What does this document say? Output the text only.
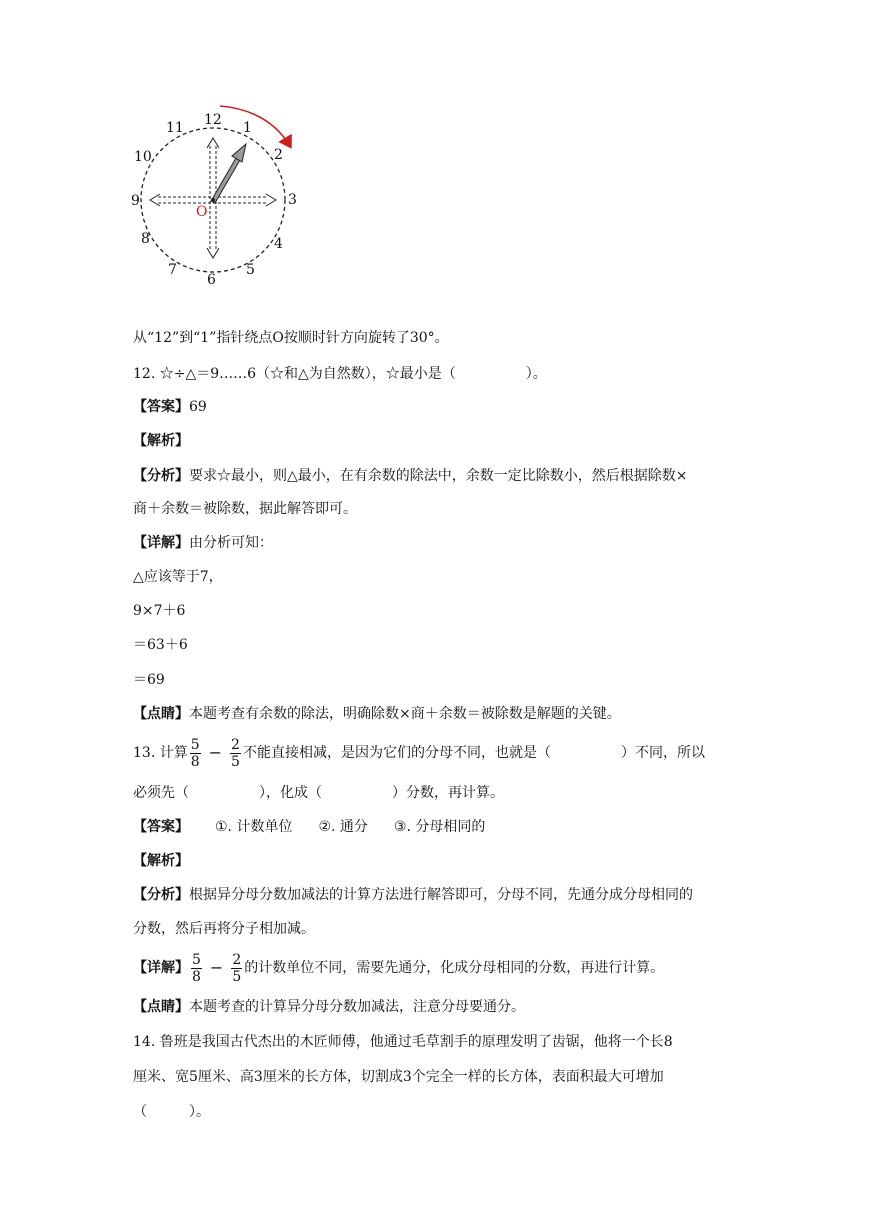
O
12 1
2
3
4
5
6
7
8
9
10
11
从“12”到“1”指针绕点O按顺时针方向旋转了30°。
12. ☆÷△＝9……6（☆和△为自然数），☆最小是（　　　　　）。
【答案】69
【解析】
【分析】要求☆最小，则△最小，在有余数的除法中，余数一定比除数小，然后根据除数×
商＋余数＝被除数，据此解答即可。
【详解】由分析可知：
△应该等于7，
9×7＋6
＝63＋6
＝69
【点睛】本题考查有余数的除法，明确除数×商＋余数＝被除数是解题的关键。
13. 计算 $\frac{5}{8} - \frac{2}{5}$ 不能直接相减，是因为它们的分母不同，也就是（　　　　　）不同，所以
必须先（　　　　　），化成（　　　　　）分数，再计算。
【答案】 ①. 计数单位 ②. 通分 ③. 分母相同的
【解析】
【分析】根据异分母分数加减法的计算方法进行解答即可，分母不同，先通分成分母相同的
分数，然后再将分子相加减。
【详解】 $\frac{5}{8} - \frac{2}{5}$ 的计数单位不同，需要先通分，化成分母相同的分数，再进行计算。
【点睛】本题考查的计算异分母分数加减法，注意分母要通分。
14. 鲁班是我国古代杰出的木匠师傅，他通过毛草割手的原理发明了齿锯，他将一个长8
厘米、宽5厘米、高3厘米的长方体，切割成3个完全一样的长方体，表面积最大可增加
（　　　）。
